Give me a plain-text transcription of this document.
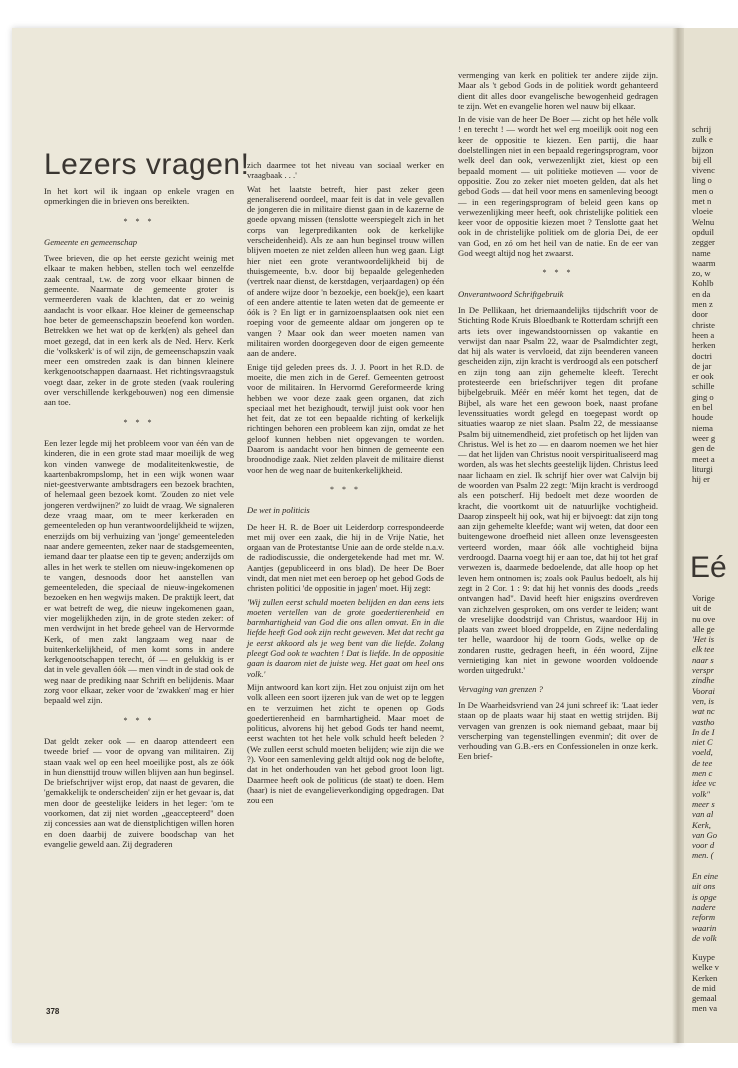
schrij
zulk e
bijzon
bij ell
vivenc
ling o
men o
met n
vloeie
Welnu
opduil
zegger
name
waarm
zo, w
Kohlb
en da
men z
door
christe
heen a
herken
doctri
de jar
er ook
schille
ging o
en bel
houde
niema
weer g
gen de
meet a
liturgi
hij er
Eé
Vorige
uit de
nu ove
alle ge
'Het is
elk tee
naar s
verspr
zindhe
Voorai
ven, is
wat nc
vastho
In de I
niet C
voeld,
de tee
men c
idee vc
volk"
meer s
van al
Kerk,
van Go
voor d
men. (

En eine
uit ons
is opge
nadere
reform
waarin
de volk
Kuype
welke v
Kerken
de mid
gemaal
men va
Lezers vragen!

In het kort wil ik ingaan op enkele vragen en opmerkingen die in brieven ons bereikten.

* * *
Gemeente en gemeenschap

Twee brieven, die op het eerste gezicht weinig met elkaar te maken hebben, stellen toch wel eenzelfde zaak centraal, t.w. de zorg voor elkaar binnen de gemeente. Naarmate de gemeente groter is vermeerderen vaak de klachten, dat er zo weinig aandacht is voor elkaar. Hoe kleiner de gemeenschap hoe beter de gemeenschapszin beoefend kon worden. Betrekken we het wat op de kerk(en) als geheel dan moet gezegd, dat in een kerk als de Ned. Herv. Kerk die 'volkskerk' is of wil zijn, de gemeenschapszin vaak meer een omstreden zaak is dan binnen kleinere kerkgenootschappen daarnaast. Het richtingsvraagstuk voegt daar, zeker in de grote steden (vaak roulering over verschillende kerkgebouwen) nog een dimensie aan toe.

* * *

Een lezer legde mij het probleem voor van één van de kinderen, die in een grote stad maar moeilijk de weg kon vinden vanwege de modaliteitenkwestie, de kaartenbakrompslomp, het in een wijk wonen waar niet-geestverwante ambtsdragers een bezoek brachten, of helemaal geen bezoek komt. 'Zouden zo niet vele jongeren verdwijnen?' zo luidt de vraag. We signaleren deze vraag maar, om te meer kerkeraden en gemeenteleden op hun verantwoordelijkheid te wijzen, enerzijds om bij verhuizing van 'jonge' gemeenteleden naar andere gemeenten, zeker naar de stadsgemeenten, iemand daar ter plaatse een tip te geven; anderzijds om alles in het werk te stellen om nieuw-ingekomenen op te vangen, desnoods door het aanstellen van gemeenteleden, die speciaal de nieuw-ingekomenen bezoeken en hen wegwijs maken. De praktijk leert, dat er wat betreft de weg, die nieuw ingekomenen gaan, vier mogelijkheden zijn, in de grote steden zeker: of men verdwijnt in het brede geheel van de Hervormde Kerk, of men zakt langzaam weg naar de buitenkerkelijkheid, of men komt soms in andere kerkgenootschappen terecht, óf — en gelukkig is er dat in vele gevallen óók — men vindt in de stad ook de weg naar de prediking naar Schrift en belijdenis. Maar zorg voor elkaar, zeker voor de 'zwakken' mag er hier bepaald wel zijn.

* * *

Dat geldt zeker ook — en daarop attendeert een tweede brief — voor de opvang van militairen. Zij staan vaak wel op een heel moeilijke post, als ze óók in hun diensttijd trouw willen blijven aan hun beginsel. De briefschrijver wijst erop, dat naast de gevaren, die 'gemakkelijk te onderscheiden' zijn er het gevaar is, dat men door de geestelijke leiders in het leger: 'om te voorkomen, dat zij niet worden „geaccepteerd" doen zij concessies aan wat de dienstplichtigen willen horen en doen daarbij de zuivere boodschap van het evangelie geweld aan. Zij degraderen

zich daarmee tot het niveau van sociaal werker en vraagbaak . . .'

Wat het laatste betreft, hier past zeker geen generaliserend oordeel, maar feit is dat in vele gevallen de jongeren die in militaire dienst gaan in de kazerne de goede opvang missen (tenslotte weerspiegelt zich in het corps van legerpredikanten ook de kerkelijke verscheidenheid). Als ze aan hun beginsel trouw willen blijven moeten ze niet zelden alleen hun weg gaan. Ligt hier niet een grote verantwoordelijkheid bij de thuisgemeente, b.v. door bij bepaalde gelegenheden (vertrek naar dienst, de kerstdagen, verjaardagen) op één of andere wijze door 'n bezoekje, een boek(je), een kaart of een andere attentie te laten weten dat de gemeente er óók is ? En ligt er in garnizoensplaatsen ook niet een roeping voor de gemeente aldaar om jongeren op te vangen ? Maar ook dan weer moeten namen van militairen worden doorgegeven door de eigen gemeente aan de andere.

Enige tijd geleden prees ds. J. J. Poort in het R.D. de moeite, die men zich in de Geref. Gemeenten getroost voor de militairen. In Hervormd Gereformeerde kring hebben we voor deze zaak geen organen, dat zich speciaal met het bezighoudt, terwijl juist ook voor hen het feit, dat ze tot een bepaalde richting of kerkelijk richtingen behoren een probleem kan zijn, omdat ze het geloof kunnen hebben niet opgevangen te worden. Daarom is aandacht voor hen binnen de gemeente een broodnodige zaak. Niet zelden plaveit de militaire dienst voor hen de weg naar de buitenkerkelijkheid.

* * *
De wet in politicis

De heer H. R. de Boer uit Leiderdorp correspondeerde met mij over een zaak, die hij in de Vrije Natie, het orgaan van de Protestantse Unie aan de orde stelde n.a.v. de radiodiscussie, die ondergetekende had met mr. W. Aantjes (gepubliceerd in ons blad). De heer De Boer vindt, dat men niet met een beroep op het gebod Gods de christen politici 'de oppositie in jagen' moet. Hij zegt:

'Wij zullen eerst schuld moeten belijden en dan eens iets moeten vertellen van de grote goedertierenheid en barmhartigheid van God die ons allen omvat. En in die liefde heeft God ook zijn recht geweven. Met dat recht ga je eerst akkoord als je weg bent van die liefde. Zolang pleegt God ook te wachten ! Dat is liefde. In de oppositie gaan is daarom niet de juiste weg. Het gaat om heel ons volk.'

Mijn antwoord kan kort zijn. Het zou onjuist zijn om het volk alleen een soort ijzeren juk van de wet op te leggen en te verzuimen het zicht te openen op Gods goedertierenheid en barmhartigheid. Maar moet de politicus, alvorens hij het gebod Gods ter hand neemt, eerst wachten tot het hele volk schuld heeft beleden ? (We zullen eerst schuld moeten belijden; wie zijn die we ?). Voor een samenleving geldt altijd ook nog de belofte, dat in het onderhouden van het gebod groot loon ligt. Daarmee heeft ook de politicus (de staat) te doen. Hem (haar) is niet de evangelieverkondiging opgedragen. Dat zou een

vermenging van kerk en politiek ter andere zijde zijn. Maar als 't gebod Gods in de politiek wordt gehanteerd dient dit alles door evangelische bewogenheid gedragen te zijn. Wet en evangelie horen wel nauw bij elkaar.

In de visie van de heer De Boer — zicht op het héle volk ! en terecht ! — wordt het wel erg moeilijk ooit nog een keer de oppositie te kiezen. Een partij, die haar doelstellingen niet in een bepaald regeringsprogram, voor welk deel dan ook, verwezenlijkt ziet, kiest op een bepaald moment — uit politieke motieven — voor de oppositie. Zou zo zeker niet moeten gelden, dat als het gebod Gods — dat heil voor mens en samenleving beoogt — in een regeringsprogram of beleid geen kans op verwezenlijking meer heeft, ook christelijke politiek een keer voor de oppositie kiezen moet ? Tenslotte gaat het ook in de christelijke politiek om de gloria Dei, de eer van God, en zó om het heil van de natie. En de eer van God weegt altijd nog het zwaarst.

* * *
Onverantwoord Schriftgebruik

In De Pellikaan, het driemaandelijks tijdschrift voor de Stichting Rode Kruis Bloedbank te Rotterdam schrijft een arts iets over ingewandstoornissen op vakantie en verwijst dan naar Psalm 22, waar de Psalmdichter zegt, dat hij als water is vervloeid, dat zijn beenderen vaneen gescheiden zijn, zijn kracht is verdroogd als een potscherf en zijn tong aan zijn gehemelte kleeft. Terecht protesteerde een briefschrijver tegen dit profane bijbelgebruik. Méér en méér komt het tegen, dat de Bijbel, als ware het een gewoon boek, naast profane levenssituaties wordt gelegd en toegepast wordt op situaties waarop ze niet slaan. Psalm 22, de messiaanse Psalm bij uitnemendheid, ziet profetisch op het lijden van Christus. Wel is het zo — en daarom noemen we het hier — dat het lijden van Christus nooit verspiritualiseerd mag worden, als was het slechts geestelijk lijden. Christus leed naar lichaam en ziel. Ik schrijf hier over wat Calvijn bij de woorden van Psalm 22 zegt: 'Mijn kracht is verdroogd als een potscherf. Hij bedoelt met deze woorden de kracht, die voortkomt uit de natuurlijke vochtigheid. Daarop zinspeelt hij ook, wat hij er bijvoegt: dat zijn tong aan zijn gehemelte kleefde; want wij weten, dat door een buitengewone droefheid niet alleen onze levensgeesten verteerd worden, maar óók alle vochtigheid bijna verdroogd. Daarna voegt hij er aan toe, dat hij tot het graf verwezen is, daarmede bedoelende, dat alle hoop op het leven hem ontnomen is; zoals ook Paulus bedoelt, als hij zegt in 2 Cor. 1 : 9: dat hij het vonnis des doods „reeds ontvangen had". David heeft hier enigszins overdreven van zichzelven gesproken, om ons verder te leiden; want de vreselijke doodstrijd van Christus, waardoor Hij in plaats van zweet bloed droppelde, en Zijne nederdaling ter helle, waardoor hij de toorn Gods, welke op de zondaren rustte, gedragen heeft, in één woord, Zijne vernietiging kan niet in gewone woorden voldoende worden uitgedrukt.'

Vervaging van grenzen ?

In De Waarheidsvriend van 24 juni schreef ik: 'Laat ieder staan op de plaats waar hij staat en wettig strijden. Bij vervagen van grenzen is ook niemand gebaat, maar bij verscherping van tegenstellingen evenmin'; dit over de verhouding van G.B.-ers en Confessionelen in onze kerk. Een brief-

378
